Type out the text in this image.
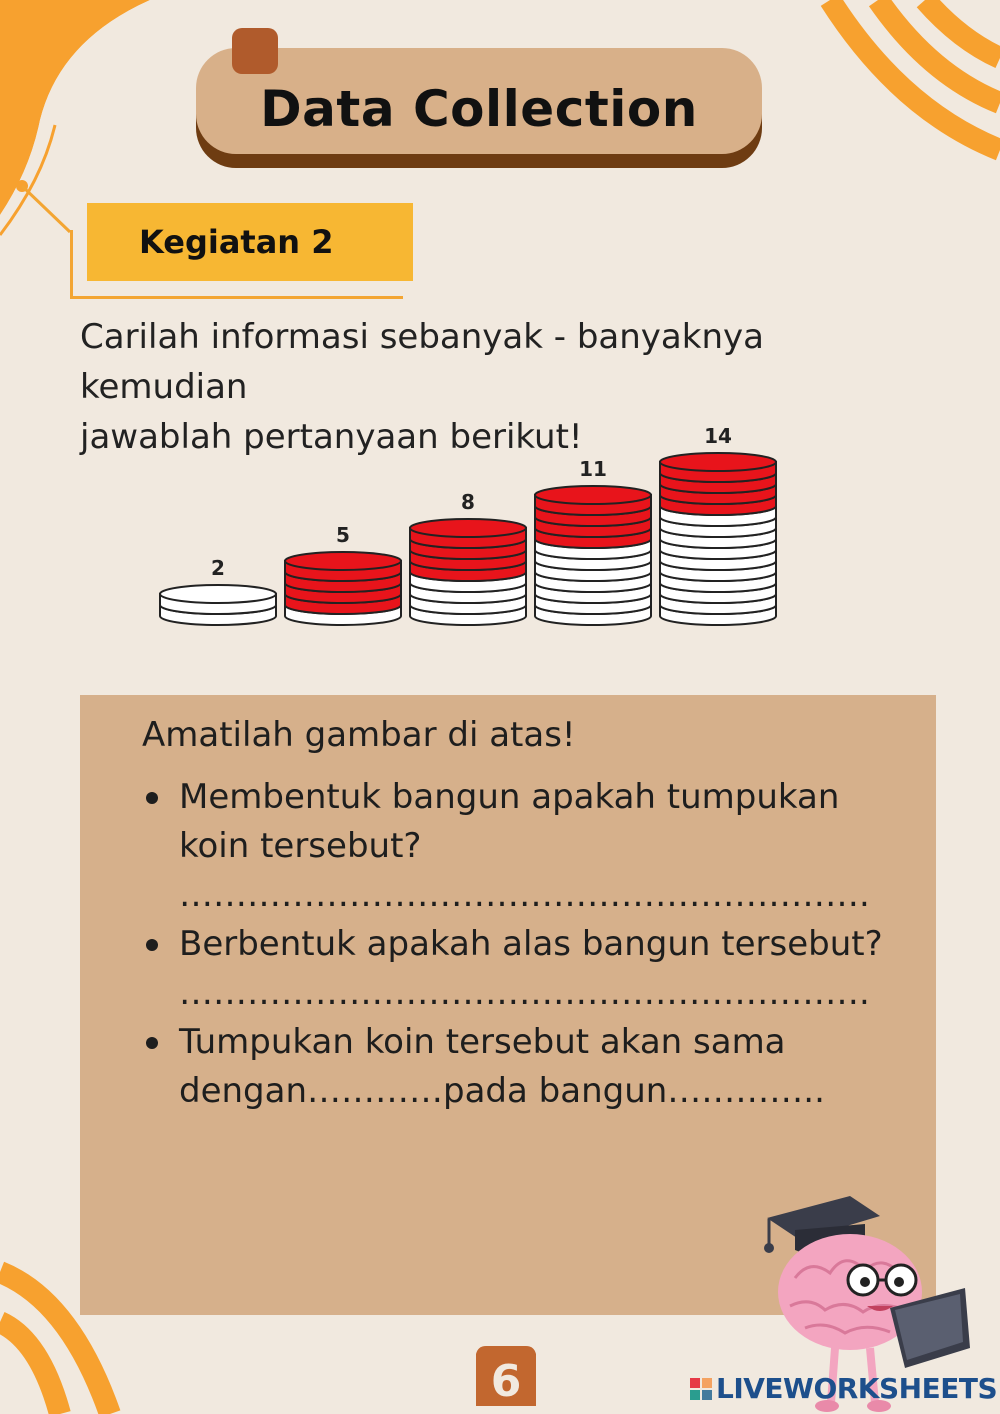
Data Collection
Kegiatan 2
Carilah informasi sebanyak - banyaknya kemudian
jawablah pertanyaan berikut!
2
5
8
11
14
Amatilah gambar di atas!
Membentuk bangun apakah tumpukan
koin tersebut?
…………………………………………………….
Berbentuk apakah alas bangun tersebut?
…………………………………………………….
Tumpukan koin tersebut akan sama
dengan…………pada bangun…………..
6	LIVEWORKSHEETS
